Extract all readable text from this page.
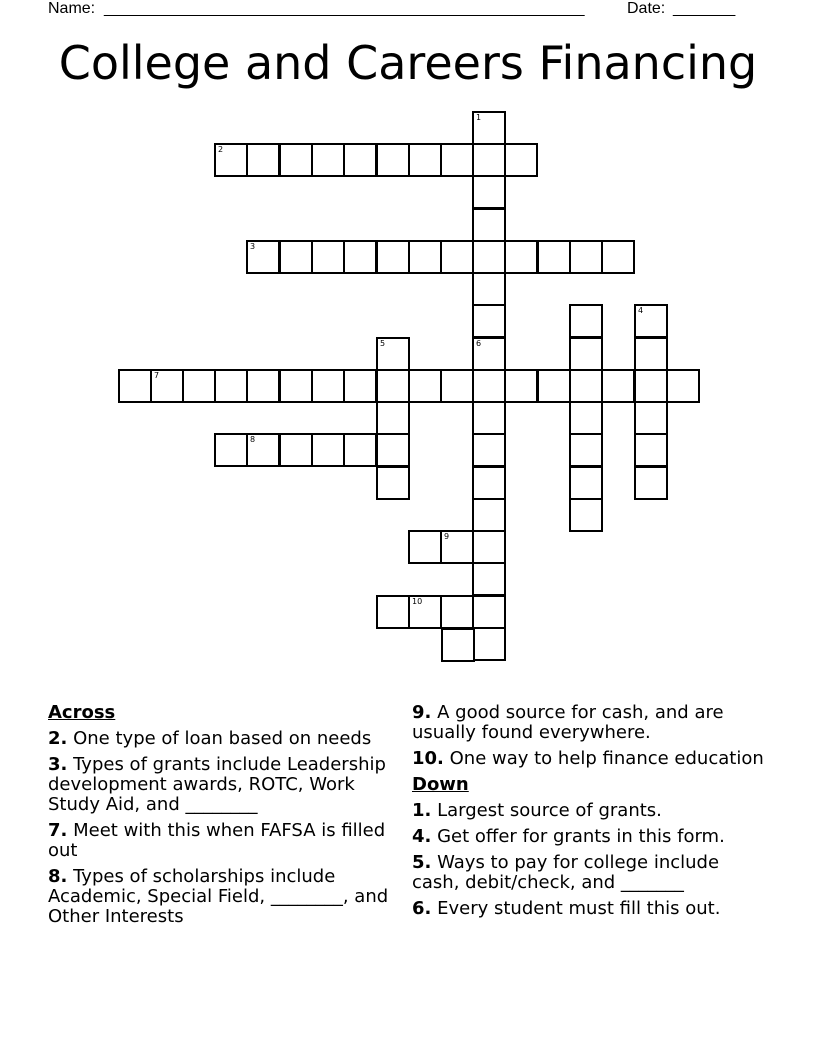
Name: ______________________________________________________	Date: _______
College and Careers Financing
1
2
3
4
5	6
7
8
9
10
Across
2. One type of loan based on needs
3. Types of grants include Leadership development awards, ROTC, Work Study Aid, and ________
7. Meet with this when FAFSA is filled out
8. Types of scholarships include Academic, Special Field, ________, and Other Interests
9. A good source for cash, and are usually found everywhere.
10. One way to help finance education
Down
1. Largest source of grants.
4. Get offer for grants in this form.
5. Ways to pay for college include cash, debit/check, and _______
6. Every student must fill this out.
